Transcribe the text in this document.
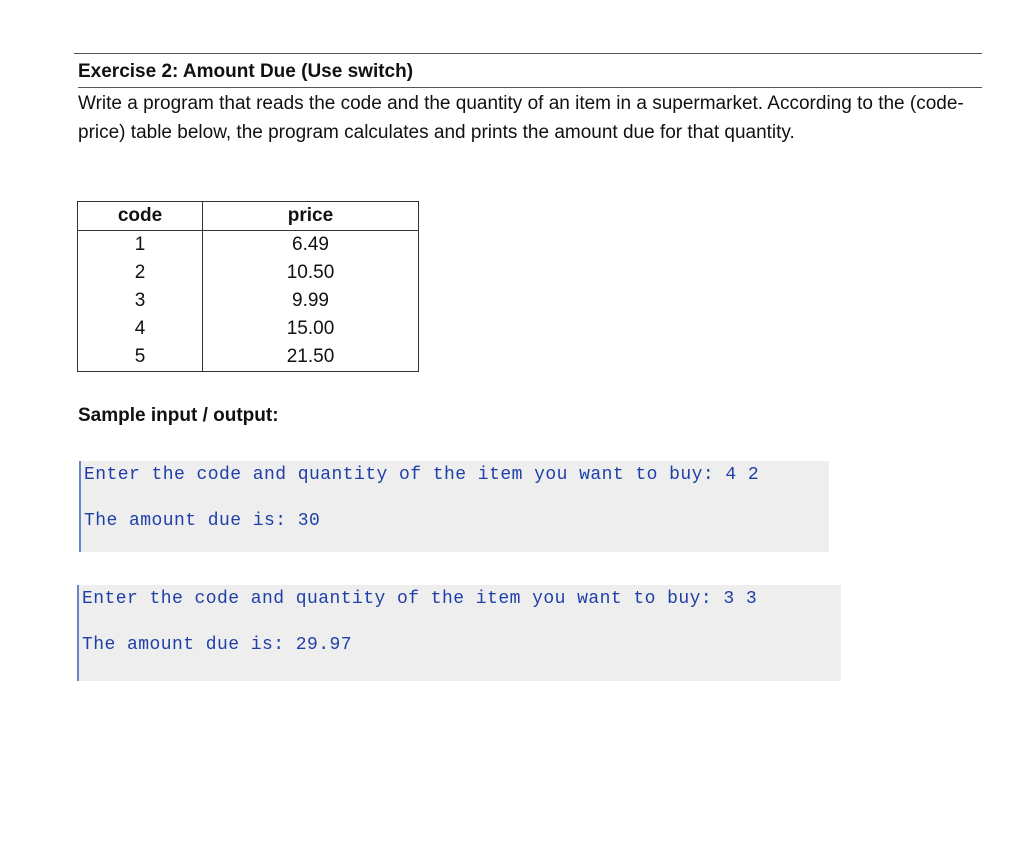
Exercise 2: Amount Due (Use switch)
Write a program that reads the code and the quantity of an item in a supermarket. According to the (code-price) table below, the program calculates and prints the amount due for that quantity.
code	price
1	6.49
2	10.50
3	9.99
4	15.00
5	21.50
Sample input / output:
Enter the code and quantity of the item you want to buy: 4 2
The amount due is: 30
Enter the code and quantity of the item you want to buy: 3 3
The amount due is: 29.97
